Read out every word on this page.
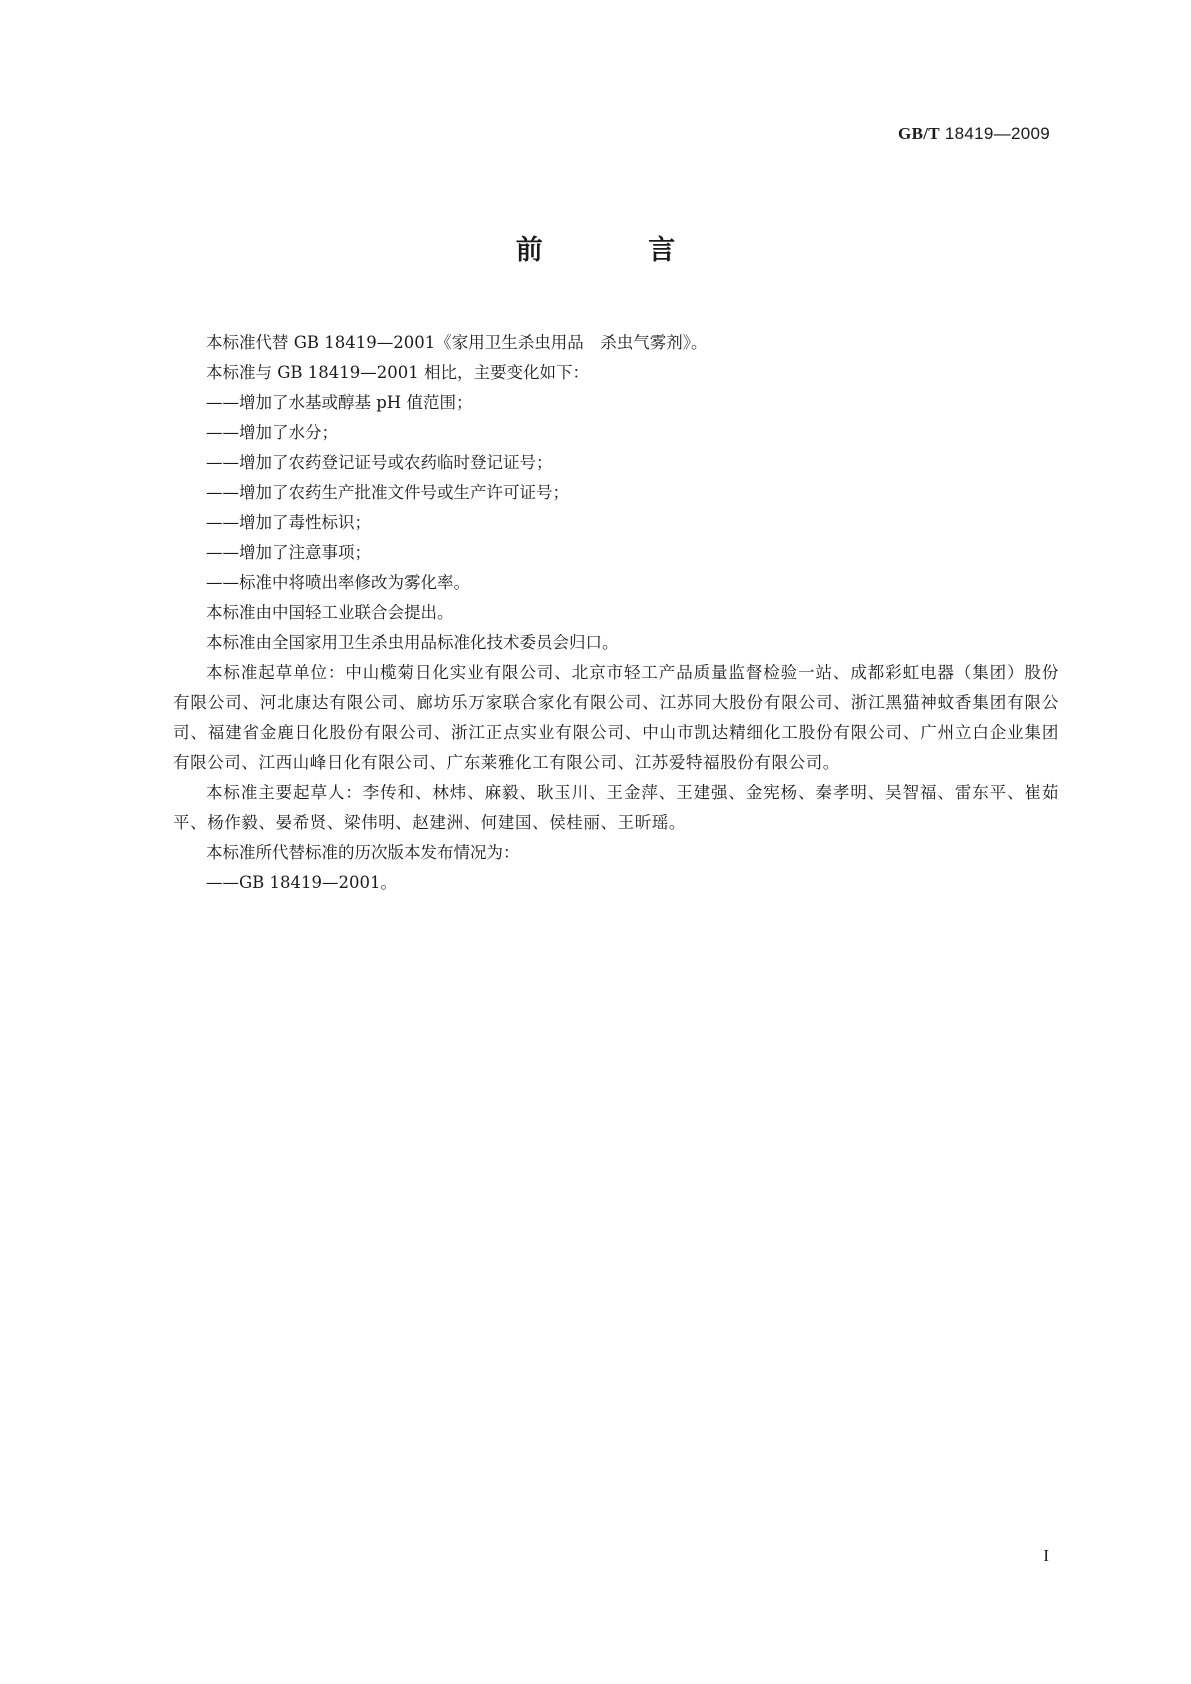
GB/T 18419—2009
前 言

本标准代替 GB 18419—2001《家用卫生杀虫用品　杀虫气雾剂》。

本标准与 GB 18419—2001 相比，主要变化如下：

——增加了水基或醇基 pH 值范围；

——增加了水分；

——增加了农药登记证号或农药临时登记证号；

——增加了农药生产批准文件号或生产许可证号；

——增加了毒性标识；

——增加了注意事项；

——标准中将喷出率修改为雾化率。

本标准由中国轻工业联合会提出。

本标准由全国家用卫生杀虫用品标准化技术委员会归口。

本标准起草单位：中山榄菊日化实业有限公司、北京市轻工产品质量监督检验一站、成都彩虹电器（集团）股份有限公司、河北康达有限公司、廊坊乐万家联合家化有限公司、江苏同大股份有限公司、浙江黑猫神蚊香集团有限公司、福建省金鹿日化股份有限公司、浙江正点实业有限公司、中山市凯达精细化工股份有限公司、广州立白企业集团有限公司、江西山峰日化有限公司、广东莱雅化工有限公司、江苏爱特福股份有限公司。

本标准主要起草人：李传和、林炜、麻毅、耿玉川、王金萍、王建强、金宪杨、秦孝明、吴智福、雷东平、崔茹平、杨作毅、晏希贤、梁伟明、赵建洲、何建国、侯桂丽、王昕瑶。

本标准所代替标准的历次版本发布情况为：

——GB 18419—2001。

I
